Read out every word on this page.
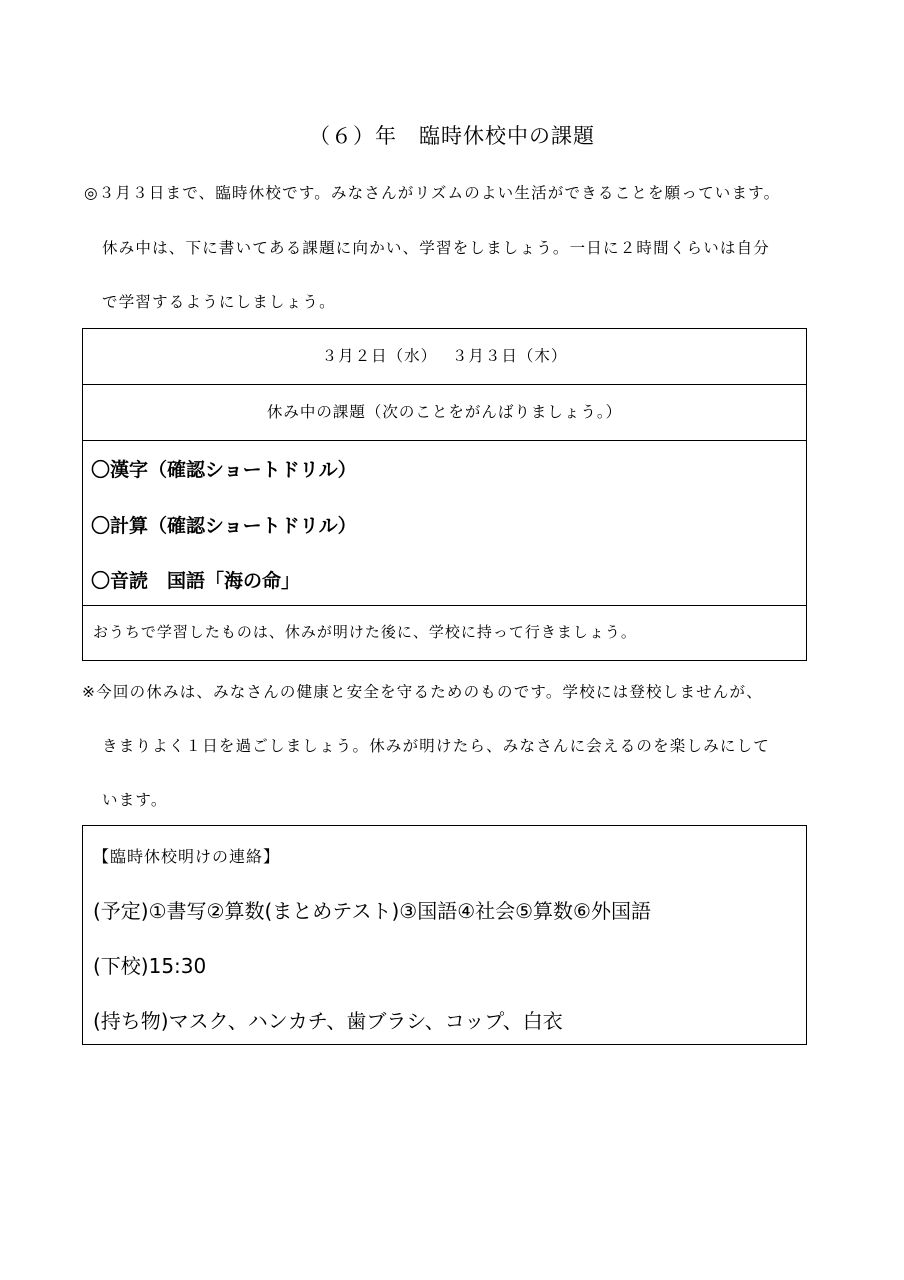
（６）年　臨時休校中の課題
◎３月３日まで、臨時休校です。みなさんがリズムのよい生活ができることを願っています。
休み中は、下に書いてある課題に向かい、学習をしましょう。一日に２時間くらいは自分
で学習するようにしましょう。
３月２日（水）　 ３月３日（木）
休み中の課題（次のことをがんばりましょう。）
〇漢字（確認ショートドリル）
〇計算（確認ショートドリル）
〇音読　国語「海の命」
おうちで学習したものは、休みが明けた後に、学校に持って行きましょう。
※今回の休みは、みなさんの健康と安全を守るためのものです。学校には登校しませんが、
きまりよく１日を過ごしましょう。休みが明けたら、みなさんに会えるのを楽しみにして
います。
【臨時休校明けの連絡】
(予定)①書写②算数(まとめテスト)③国語④社会⑤算数⑥外国語
(下校)15:30
(持ち物)マスク、ハンカチ、歯ブラシ、コップ、白衣
